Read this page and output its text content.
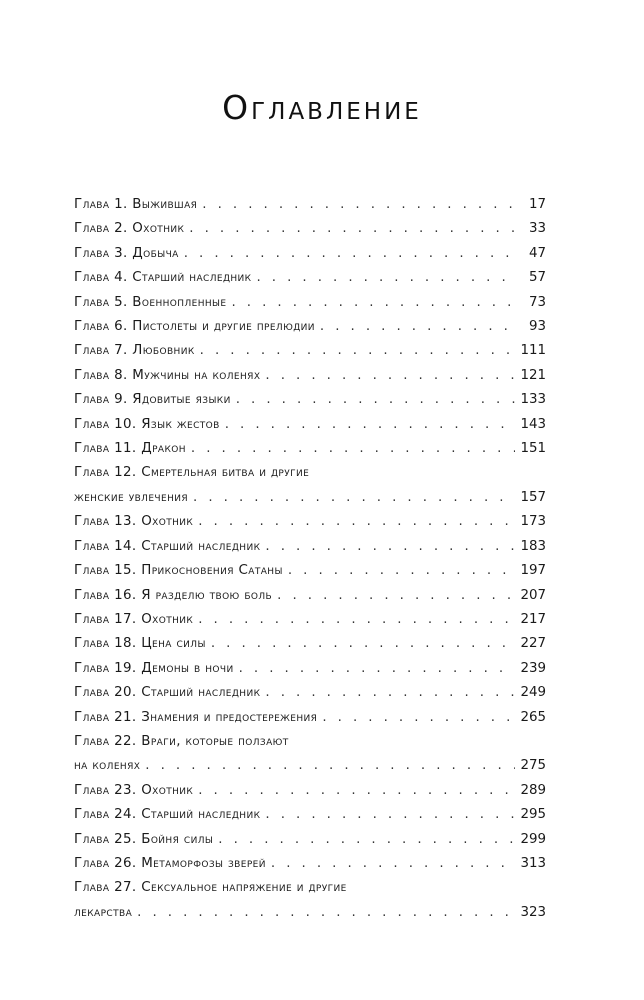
Оглавление
Глава 1. Выжившая . . .	17
Глава 2. Охотник . . .	33
Глава 3. Добыча . . .	47
Глава 4. Старший наследник . . .	57
Глава 5. Военнопленные . . .	73
Глава 6. Пистолеты и другие прелюдии . . .	93
Глава 7. Любовник . . .	111
Глава 8. Мужчины на коленях . . .	121
Глава 9. Ядовитые языки . . .	133
Глава 10. Язык жестов . . .	143
Глава 11. Дракон . . .	151
Глава 12. Смертельная битва и другие
женские увлечения . . .	157
Глава 13. Охотник . . .	173
Глава 14. Старший наследник . . .	183
Глава 15. Прикосновения Сатаны . . .	197
Глава 16. Я разделю твою боль . . .	207
Глава 17. Охотник . . .	217
Глава 18. Цена силы . . .	227
Глава 19. Демоны в ночи . . .	239
Глава 20. Старший наследник . . .	249
Глава 21. Знамения и предостережения . . .	265
Глава 22. Враги, которые ползают
на коленях . . .	275
Глава 23. Охотник . . .	289
Глава 24. Старший наследник . . .	295
Глава 25. Бойня силы . . .	299
Глава 26. Метаморфозы зверей . . .	313
Глава 27. Сексуальное напряжение и другие
лекарства . . .	323
